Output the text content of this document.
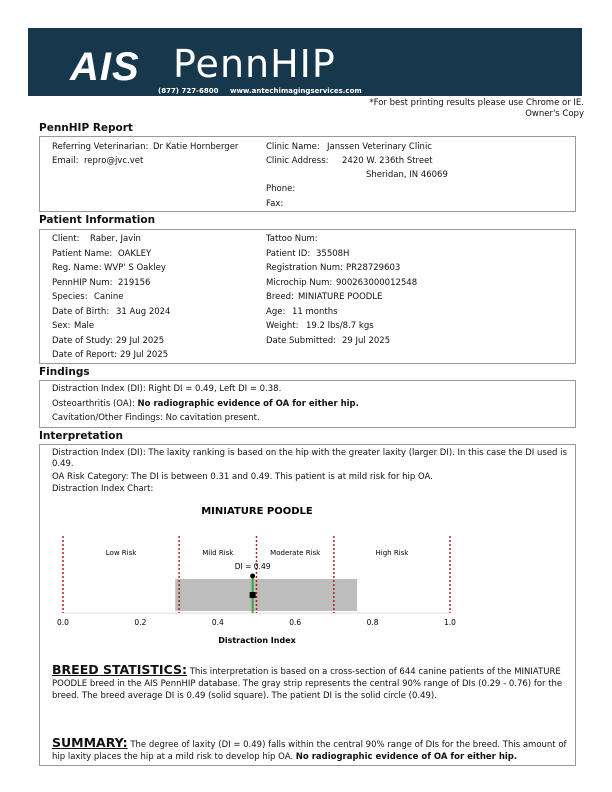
AIS PennHIP
(877) 727-6800 www.antechimagingservices.com
*For best printing results please use Chrome or IE.
Owner's Copy
PennHIP Report
Referring Veterinarian: Dr Katie Hornberger
Email: repro@jvc.vet
Clinic Name: Janssen Veterinary Clinic
Clinic Address: 2420 W. 236th Street
Sheridan, IN 46069
Phone:
Fax:
Patient Information
Client: Raber, Javin
Patient Name: OAKLEY
Reg. Name: WVP' S Oakley
PennHIP Num: 219156
Species: Canine
Date of Birth: 31 Aug 2024
Sex: Male
Date of Study: 29 Jul 2025
Date of Report: 29 Jul 2025
Tattoo Num:
Patient ID: 35508H
Registration Num: PR28729603
Microchip Num: 900263000012548
Breed: MINIATURE POODLE
Age: 11 months
Weight: 19.2 lbs/8.7 kgs
Date Submitted: 29 Jul 2025
Findings
Distraction Index (DI): Right DI = 0.49, Left DI = 0.38.
Osteoarthritis (OA): No radiographic evidence of OA for either hip.
Cavitation/Other Findings: No cavitation present.
Interpretation
Distraction Index (DI): The laxity ranking is based on the hip with the greater laxity (larger DI). In this case the DI used is 0.49.
OA Risk Category: The DI is between 0.31 and 0.49. This patient is at mild risk for hip OA.
Distraction Index Chart:
MINIATURE POODLE
Distraction Index
Low Risk	Mild Risk	Moderate Risk	High Risk
DI = 0.49
0.0	0.2	0.4	0.6	0.8	1.0
BREED STATISTICS: This interpretation is based on a cross-section of 644 canine patients of the MINIATURE POODLE breed in the AIS PennHIP database. The gray strip represents the central 90% range of DIs (0.29 - 0.76) for the breed. The breed average DI is 0.49 (solid square). The patient DI is the solid circle (0.49).
SUMMARY: The degree of laxity (DI = 0.49) falls within the central 90% range of DIs for the breed. This amount of hip laxity places the hip at a mild risk to develop hip OA. No radiographic evidence of OA for either hip.
